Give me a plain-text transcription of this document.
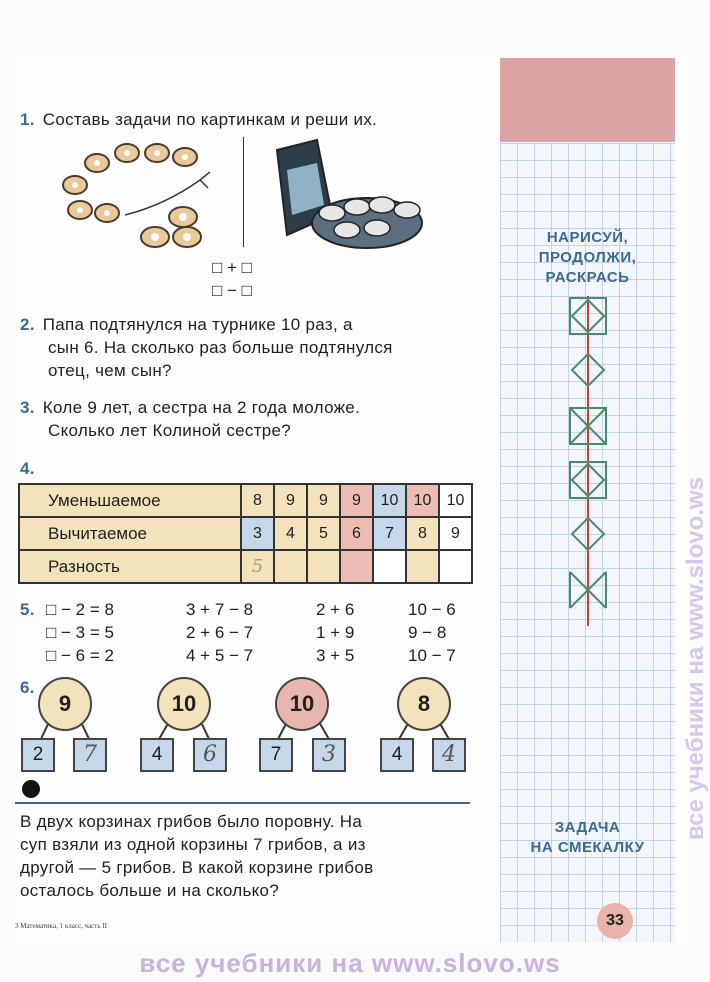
1. Составь задачи по картинкам и реши их.
□ + □
□ − □
2. Папа подтянулся на турнике 10 раз, а
сын 6. На сколько раз больше подтянулся
отец, чем сын?
3. Коле 9 лет, а сестра на 2 года моложе.
Сколько лет Колиной сестре?
4.
Уменьшаемое	8	9	9	9	10	10	10
Вычитаемое	3	4	5	6	7	8	9
Разность	5						
5. □ − 2 = 8
□ − 3 = 5
□ − 6 = 2
3 + 7 − 8
2 + 6 − 7
4 + 5 − 7
2 + 6
1 + 9
3 + 5
10 − 6
9 − 8
10 − 7
6.
9
2	7
10
4	6
10
7	3
8
4	4
В двух корзинах грибов было поровну. На
суп взяли из одной корзины 7 грибов, а из
другой — 5 грибов. В какой корзине грибов
осталось больше и на сколько?
НАРИСУЙ,
ПРОДОЛЖИ,
РАСКРАСЬ
ЗАДАЧА
НА СМЕКАЛКУ
все учебники на www.slovo.ws
3 Математика, 1 класс, часть II	33
все учебники на www.slovo.ws
